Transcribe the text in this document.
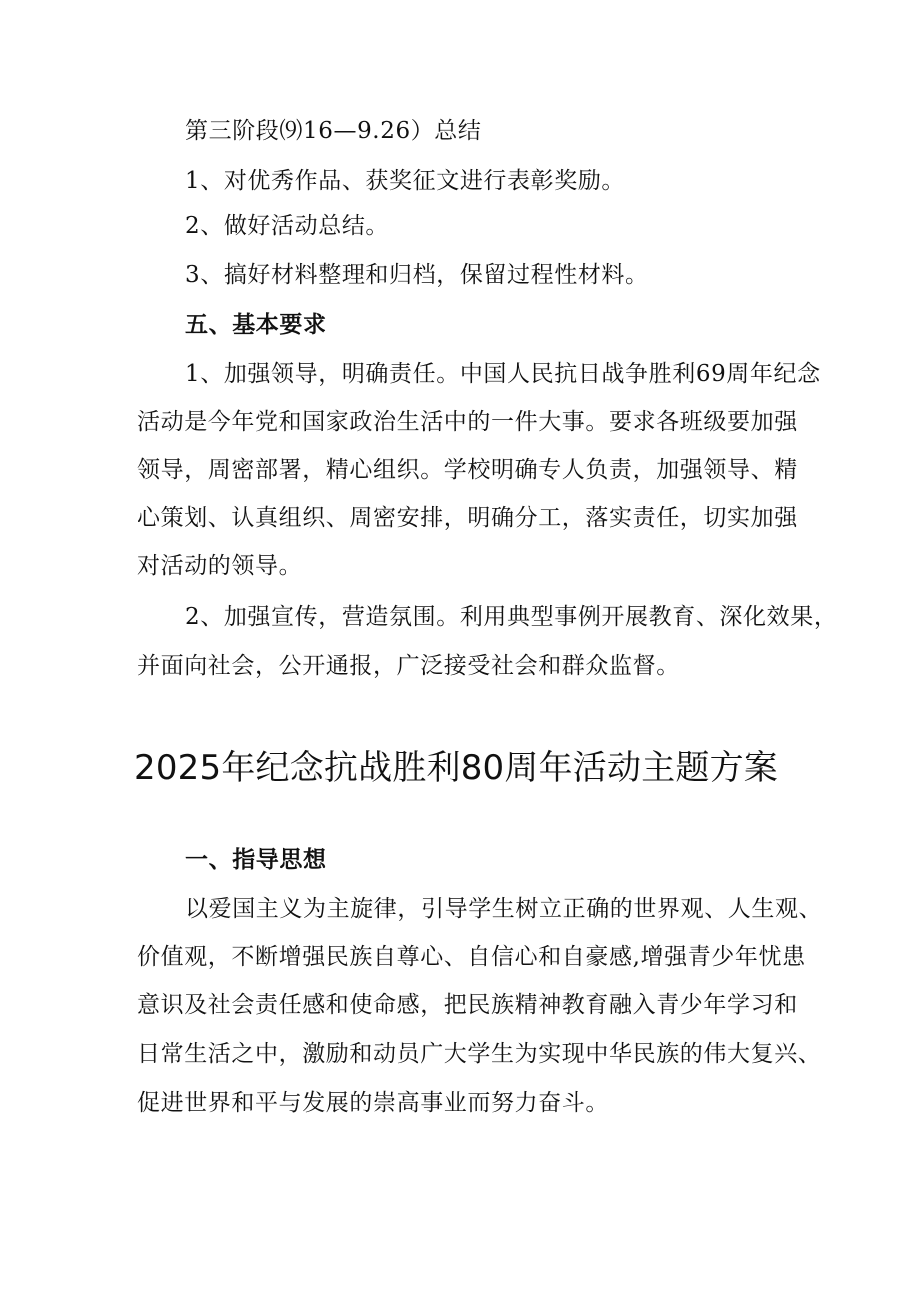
第三阶段⑼16—9.26）总结
1、对优秀作品、获奖征文进行表彰奖励。
2、做好活动总结。
3、搞好材料整理和归档，保留过程性材料。
五、基本要求
1、加强领导，明确责任。中国人民抗日战争胜利69周年纪念
活动是今年党和国家政治生活中的一件大事。要求各班级要加强
领导，周密部署，精心组织。学校明确专人负责，加强领导、精
心策划、认真组织、周密安排，明确分工，落实责任，切实加强
对活动的领导。
2、加强宣传，营造氛围。利用典型事例开展教育、深化效果，
并面向社会，公开通报，广泛接受社会和群众监督。
2025年纪念抗战胜利80周年活动主题方案
一、指导思想
以爱国主义为主旋律，引导学生树立正确的世界观、人生观、
价值观，不断增强民族自尊心、自信心和自豪感,增强青少年忧患
意识及社会责任感和使命感，把民族精神教育融入青少年学习和
日常生活之中，激励和动员广大学生为实现中华民族的伟大复兴、
促进世界和平与发展的崇高事业而努力奋斗。
